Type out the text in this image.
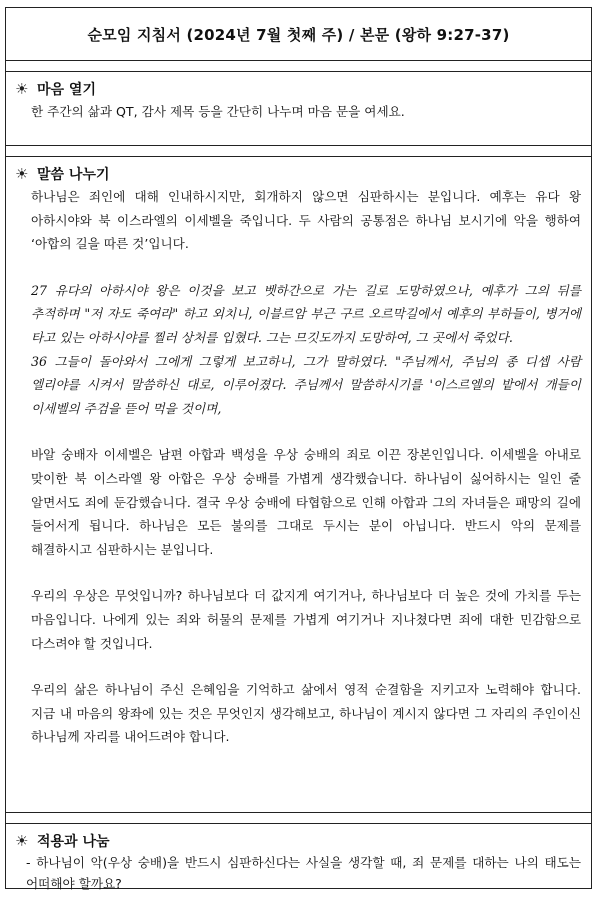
순모임 지침서 (2024년 7월 첫째 주) / 본문 (왕하 9:27-37)
☀ 마음 열기
한 주간의 삶과 QT, 감사 제목 등을 간단히 나누며 마음 문을 여세요.
☀ 말씀 나누기

하나님은 죄인에 대해 인내하시지만, 회개하지 않으면 심판하시는 분입니다. 예후는 유다 왕 아하시야와 북 이스라엘의 이세벨을 죽입니다. 두 사람의 공통점은 하나님 보시기에 악을 행하여 ‘아합의 길을 따른 것’입니다.

27 유다의 아하시야 왕은 이것을 보고 벳하간으로 가는 길로 도망하였으나, 예후가 그의 뒤를 추적하며 "저 자도 죽여라" 하고 외치니, 이블르암 부근 구르 오르막길에서 예후의 부하들이, 병거에 타고 있는 아하시야를 찔러 상처를 입혔다. 그는 므깃도까지 도망하여, 그 곳에서 죽었다.

36 그들이 돌아와서 그에게 그렇게 보고하니, 그가 말하였다. "주님께서, 주님의 종 디셉 사람 엘리야를 시켜서 말씀하신 대로, 이루어졌다. 주님께서 말씀하시기를 '이스르엘의 밭에서 개들이 이세벨의 주검을 뜯어 먹을 것이며,

바알 숭배자 이세벨은 남편 아합과 백성을 우상 숭배의 죄로 이끈 장본인입니다. 이세벨을 아내로 맞이한 북 이스라엘 왕 아합은 우상 숭배를 가볍게 생각했습니다. 하나님이 싫어하시는 일인 줄 알면서도 죄에 둔감했습니다. 결국 우상 숭배에 타협함으로 인해 아합과 그의 자녀들은 패망의 길에 들어서게 됩니다. 하나님은 모든 불의를 그대로 두시는 분이 아닙니다. 반드시 악의 문제를 해결하시고 심판하시는 분입니다.

우리의 우상은 무엇입니까? 하나님보다 더 값지게 여기거나, 하나님보다 더 높은 것에 가치를 두는 마음입니다. 나에게 있는 죄와 허물의 문제를 가볍게 여기거나 지나쳤다면 죄에 대한 민감함으로 다스려야 할 것입니다.

우리의 삶은 하나님이 주신 은혜임을 기억하고 삶에서 영적 순결함을 지키고자 노력해야 합니다. 지금 내 마음의 왕좌에 있는 것은 무엇인지 생각해보고, 하나님이 계시지 않다면 그 자리의 주인이신 하나님께 자리를 내어드려야 합니다.

☀ 적용과 나눔
- 하나님이 악(우상 숭배)을 반드시 심판하신다는 사실을 생각할 때, 죄 문제를 대하는 나의 태도는 어떠해야 할까요?
